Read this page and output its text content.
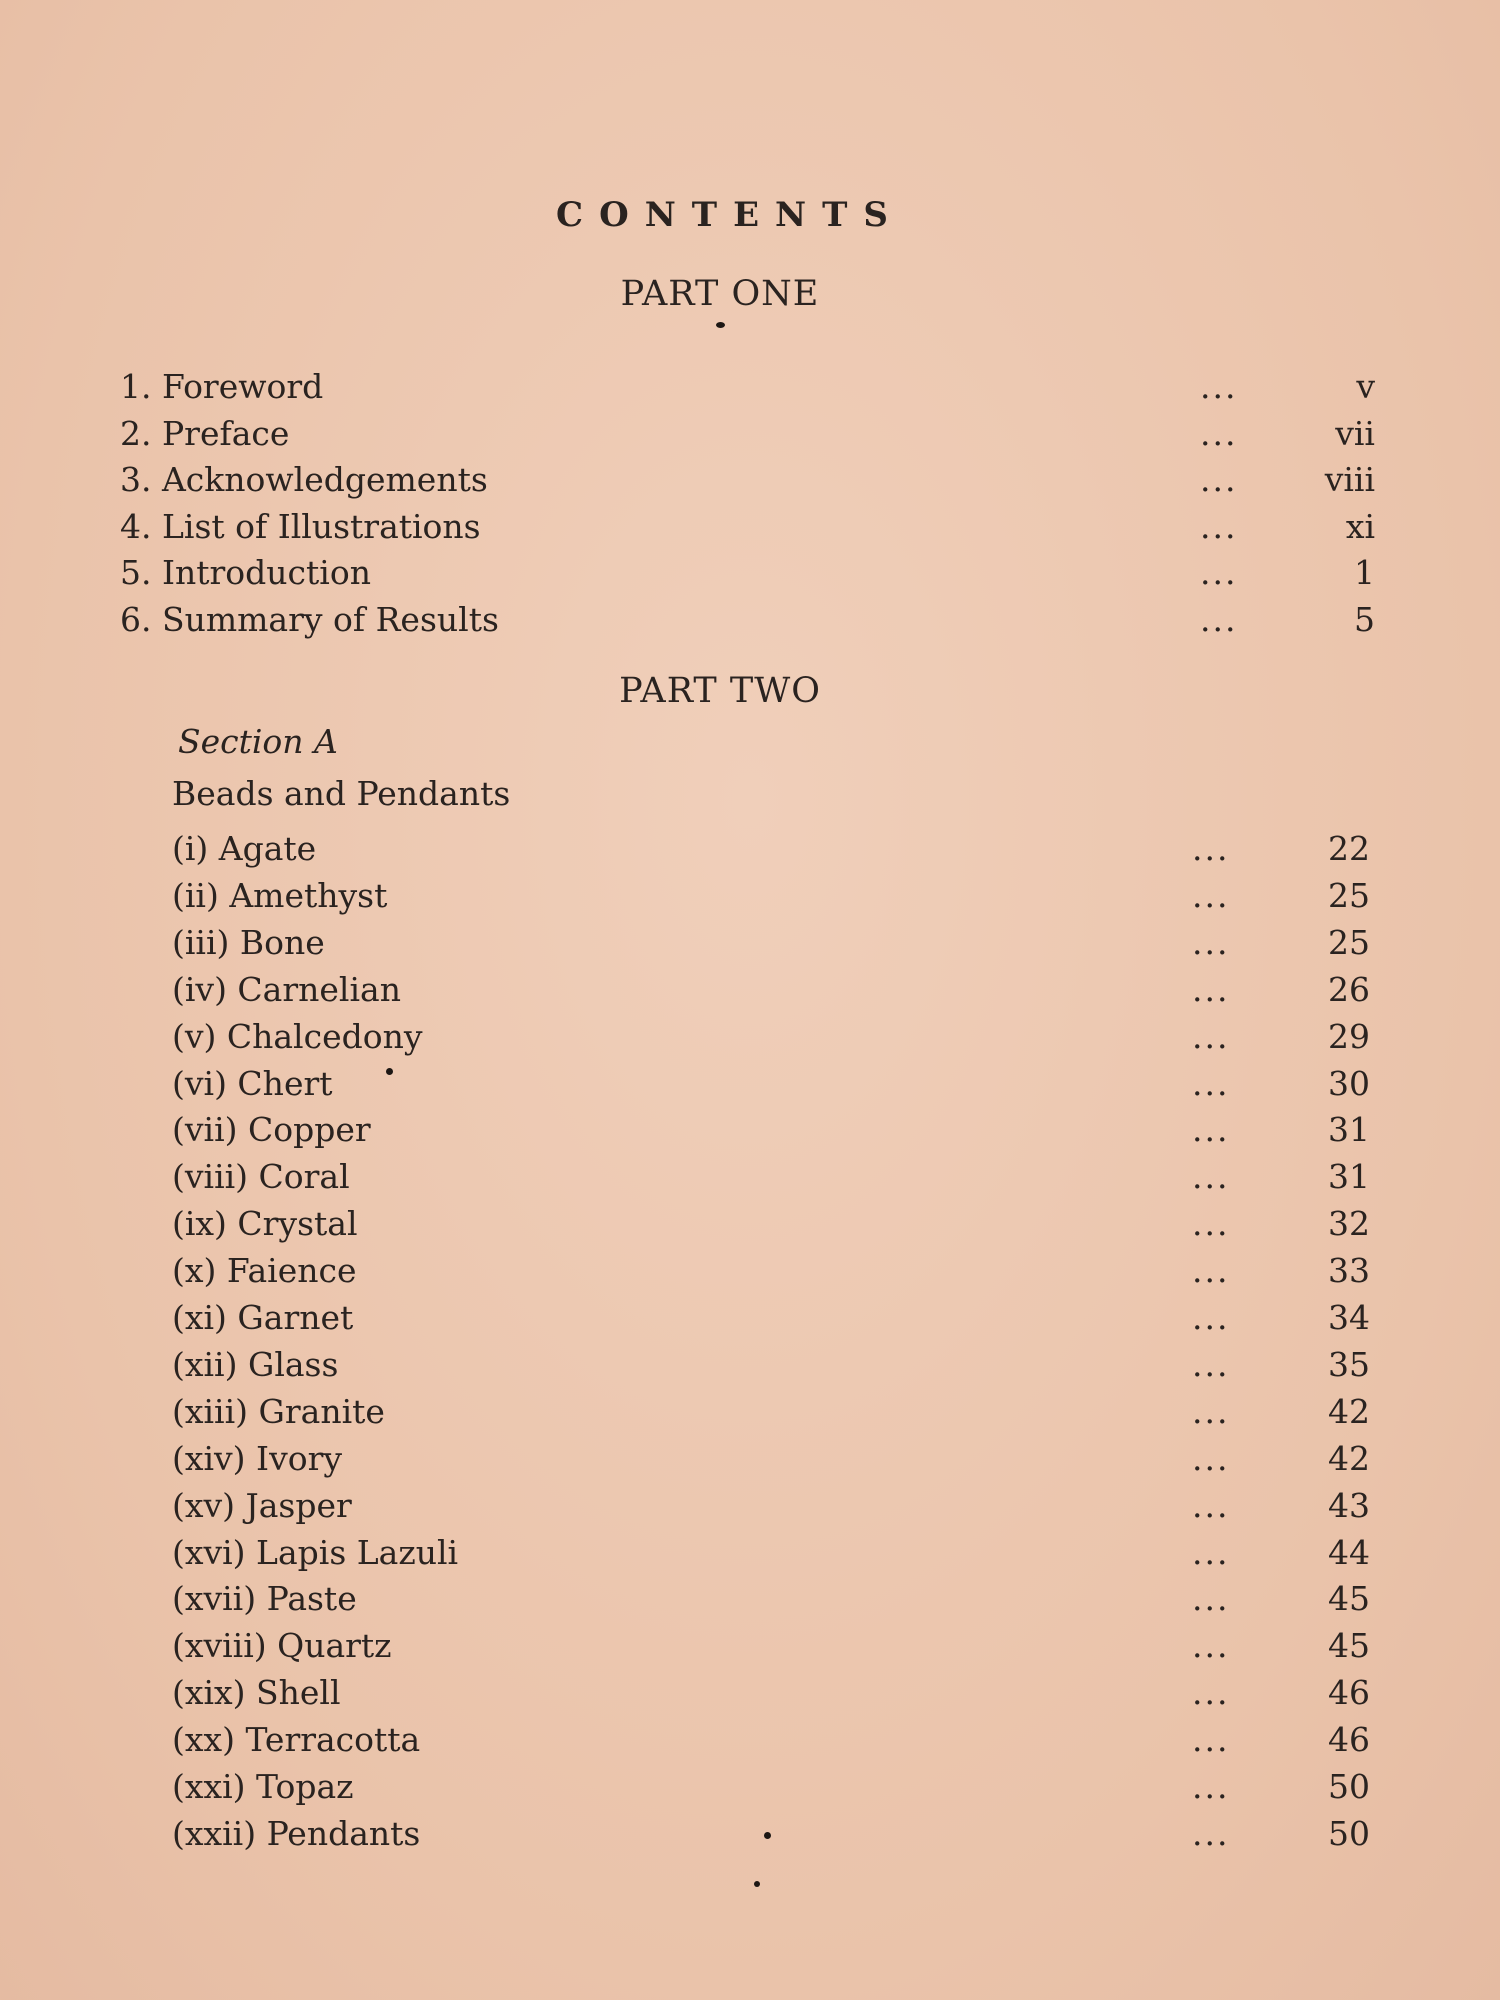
CONTENTS
PART ONE
1. Foreword	...	v
2. Preface	...	vii
3. Acknowledgements	...	viii
4. List of Illustrations	...	xi
5. Introduction	...	1
6. Summary of Results	...	5
PART TWO
Section A
Beads and Pendants
(i) Agate	...	22
(ii) Amethyst	...	25
(iii) Bone	...	25
(iv) Carnelian	...	26
(v) Chalcedony	...	29
(vi) Chert	...	30
(vii) Copper	...	31
(viii) Coral	...	31
(ix) Crystal	...	32
(x) Faience	...	33
(xi) Garnet	...	34
(xii) Glass	...	35
(xiii) Granite	...	42
(xiv) Ivory	...	42
(xv) Jasper	...	43
(xvi) Lapis Lazuli	...	44
(xvii) Paste	...	45
(xviii) Quartz	...	45
(xix) Shell	...	46
(xx) Terracotta	...	46
(xxi) Topaz	...	50
(xxii) Pendants	...	50
